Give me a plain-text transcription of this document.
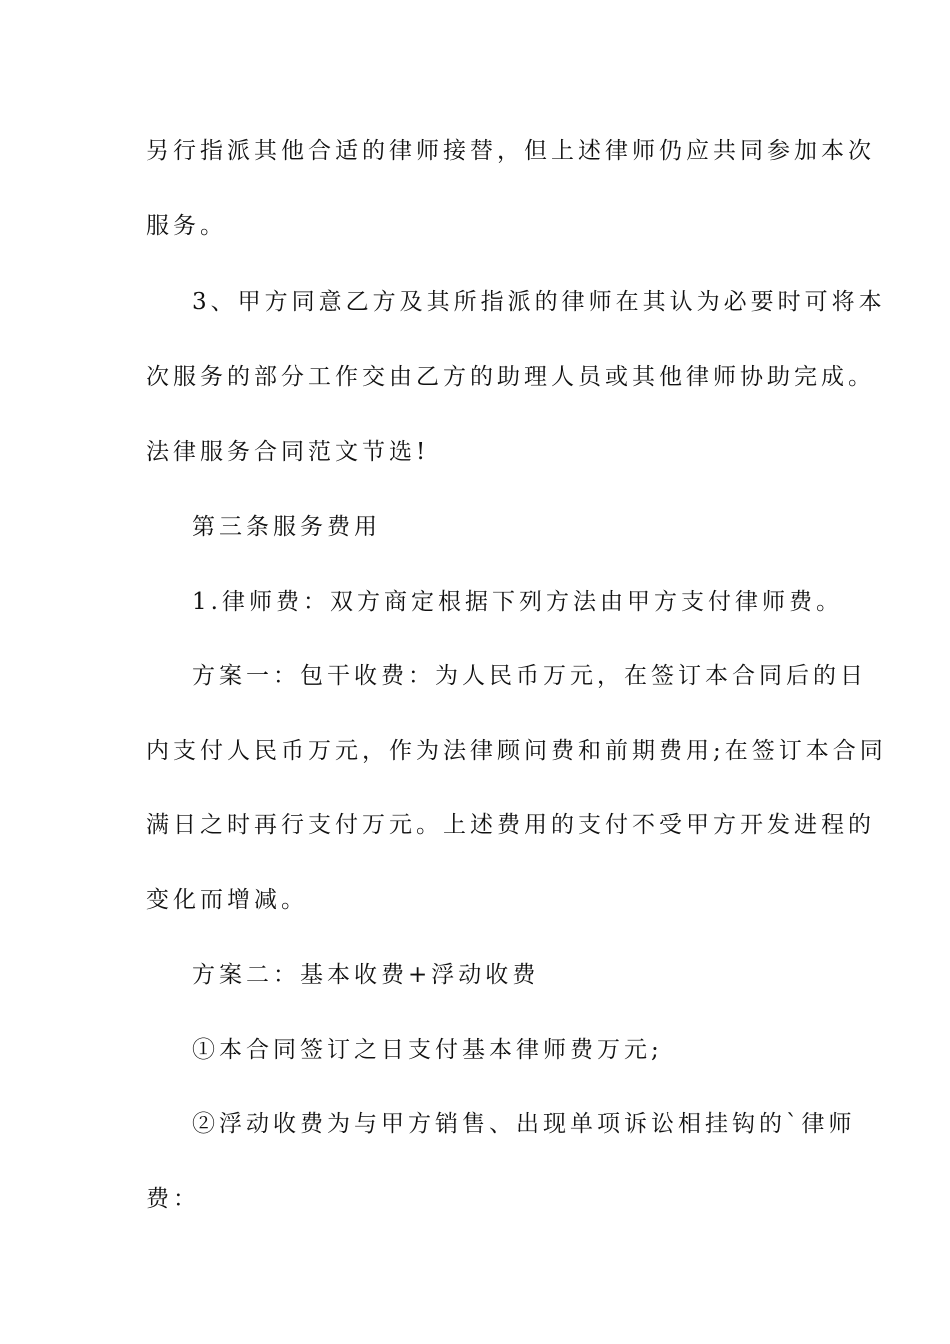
另行指派其他合适的律师接替，但上述律师仍应共同参加本次

服务。

3、甲方同意乙方及其所指派的律师在其认为必要时可将本

次服务的部分工作交由乙方的助理人员或其他律师协助完成。

法律服务合同范文节选!

第三条服务费用

1.律师费：双方商定根据下列方法由甲方支付律师费。

方案一：包干收费：为人民币万元，在签订本合同后的日

内支付人民币万元，作为法律顾问费和前期费用;在签订本合同

满日之时再行支付万元。上述费用的支付不受甲方开发进程的

变化而增减。

方案二：基本收费+浮动收费

①本合同签订之日支付基本律师费万元;

②浮动收费为与甲方销售、出现单项诉讼相挂钩的`律师

费：
